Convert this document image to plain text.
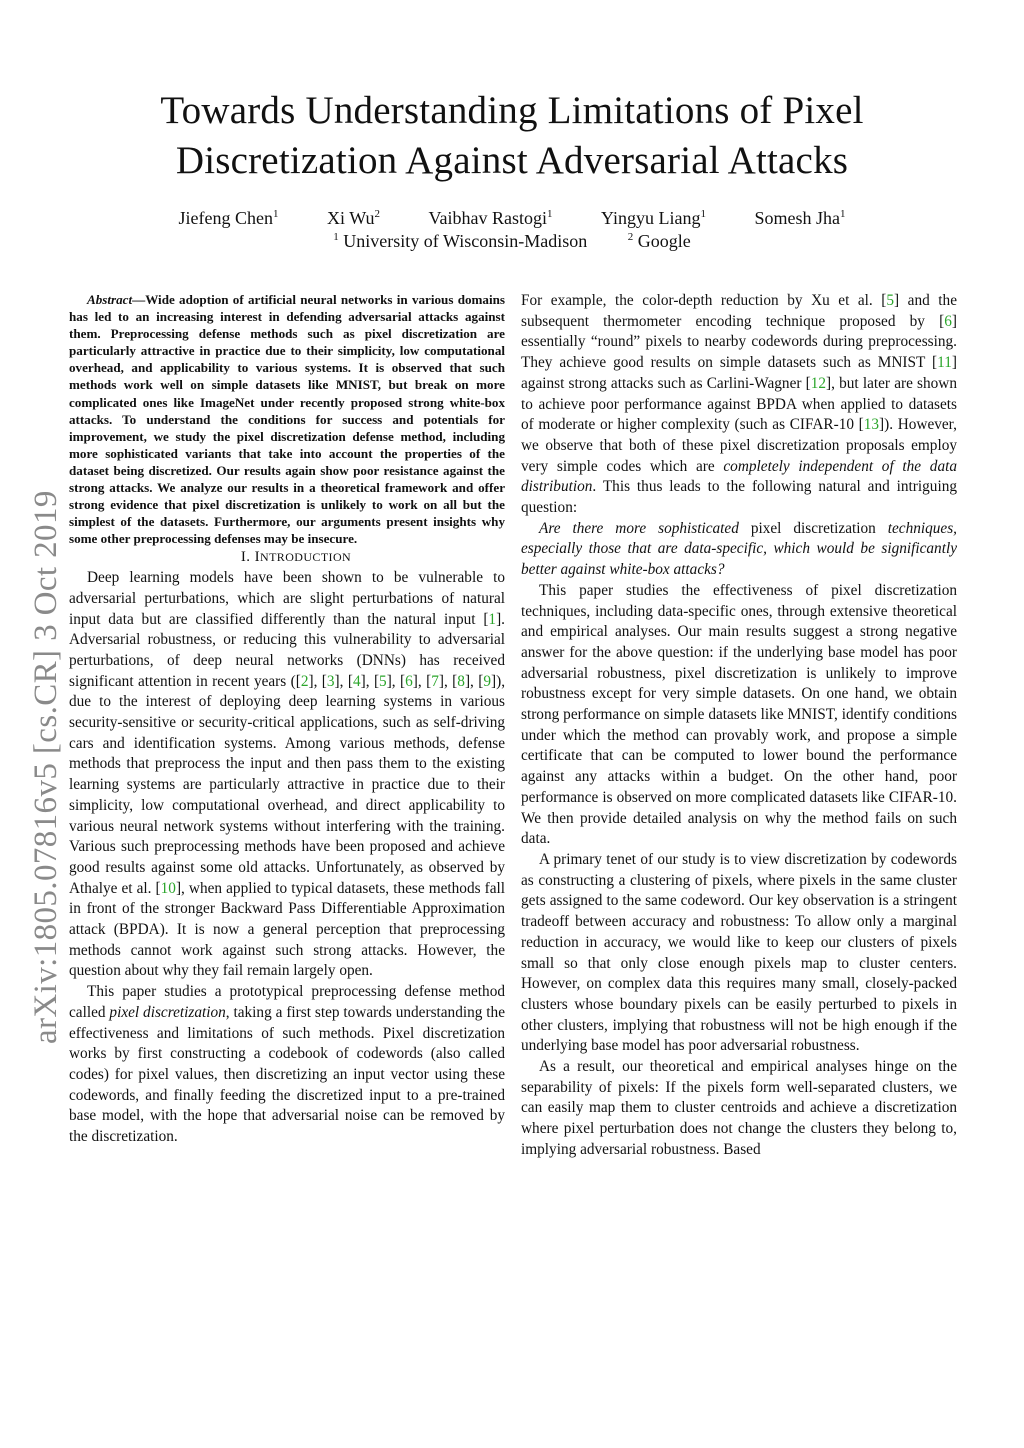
Towards Understanding Limitations of Pixel
Discretization Against Adversarial Attacks
Jiefeng Chen$^1$	Xi Wu$^2$	Vaibhav Rastogi$^1$	Yingyu Liang$^1$	Somesh Jha$^1$
$^1$ University of Wisconsin-Madison	$^2$ Google
arXiv:1805.07816v5 [cs.CR] 3 Oct 2019

Abstract—Wide adoption of artificial neural networks in various domains has led to an increasing interest in defending adversarial attacks against them. Preprocessing defense methods such as pixel discretization are particularly attractive in practice due to their simplicity, low computational overhead, and applicability to various systems. It is observed that such methods work well on simple datasets like MNIST, but break on more complicated ones like ImageNet under recently proposed strong white-box attacks. To understand the conditions for success and potentials for improvement, we study the pixel discretization defense method, including more sophisticated variants that take into account the properties of the dataset being discretized. Our results again show poor resistance against the strong attacks. We analyze our results in a theoretical framework and offer strong evidence that pixel discretization is unlikely to work on all but the simplest of the datasets. Furthermore, our arguments present insights why some other preprocessing defenses may be insecure.

I. INTRODUCTION

Deep learning models have been shown to be vulnerable to adversarial perturbations, which are slight perturbations of natural input data but are classified differently than the natural input [1]. Adversarial robustness, or reducing this vulnerability to adversarial perturbations, of deep neural networks (DNNs) has received significant attention in recent years ([2], [3], [4], [5], [6], [7], [8], [9]), due to the interest of deploying deep learning systems in various security-sensitive or security-critical applications, such as self-driving cars and identification systems. Among various methods, defense methods that preprocess the input and then pass them to the existing learning systems are particularly attractive in practice due to their simplicity, low computational overhead, and direct applicability to various neural network systems without interfering with the training. Various such preprocessing methods have been proposed and achieve good results against some old attacks. Unfortunately, as observed by Athalye et al. [10], when applied to typical datasets, these methods fall in front of the stronger Backward Pass Differentiable Approximation attack (BPDA). It is now a general perception that preprocessing methods cannot work against such strong attacks. However, the question about why they fail remain largely open.

This paper studies a prototypical preprocessing defense method called pixel discretization, taking a first step towards understanding the effectiveness and limitations of such methods. Pixel discretization works by first constructing a codebook of codewords (also called codes) for pixel values, then discretizing an input vector using these codewords, and finally feeding the discretized input to a pre-trained base model, with the hope that adversarial noise can be removed by the discretization.

For example, the color-depth reduction by Xu et al. [5] and the subsequent thermometer encoding technique proposed by [6] essentially “round” pixels to nearby codewords during preprocessing. They achieve good results on simple datasets such as MNIST [11] against strong attacks such as Carlini-Wagner [12], but later are shown to achieve poor performance against BPDA when applied to datasets of moderate or higher complexity (such as CIFAR-10 [13]). However, we observe that both of these pixel discretization proposals employ very simple codes which are completely independent of the data distribution. This thus leads to the following natural and intriguing question:

Are there more sophisticated pixel discretization techniques, especially those that are data-specific, which would be significantly better against white-box attacks?

This paper studies the effectiveness of pixel discretization techniques, including data-specific ones, through extensive theoretical and empirical analyses. Our main results suggest a strong negative answer for the above question: if the underlying base model has poor adversarial robustness, pixel discretization is unlikely to improve robustness except for very simple datasets. On one hand, we obtain strong performance on simple datasets like MNIST, identify conditions under which the method can provably work, and propose a simple certificate that can be computed to lower bound the performance against any attacks within a budget. On the other hand, poor performance is observed on more complicated datasets like CIFAR-10. We then provide detailed analysis on why the method fails on such data.

A primary tenet of our study is to view discretization by codewords as constructing a clustering of pixels, where pixels in the same cluster gets assigned to the same codeword. Our key observation is a stringent tradeoff between accuracy and robustness: To allow only a marginal reduction in accuracy, we would like to keep our clusters of pixels small so that only close enough pixels map to cluster centers. However, on complex data this requires many small, closely-packed clusters whose boundary pixels can be easily perturbed to pixels in other clusters, implying that robustness will not be high enough if the underlying base model has poor adversarial robustness.

As a result, our theoretical and empirical analyses hinge on the separability of pixels: If the pixels form well-separated clusters, we can easily map them to cluster centroids and achieve a discretization where pixel perturbation does not change the clusters they belong to, implying adversarial robustness. Based
